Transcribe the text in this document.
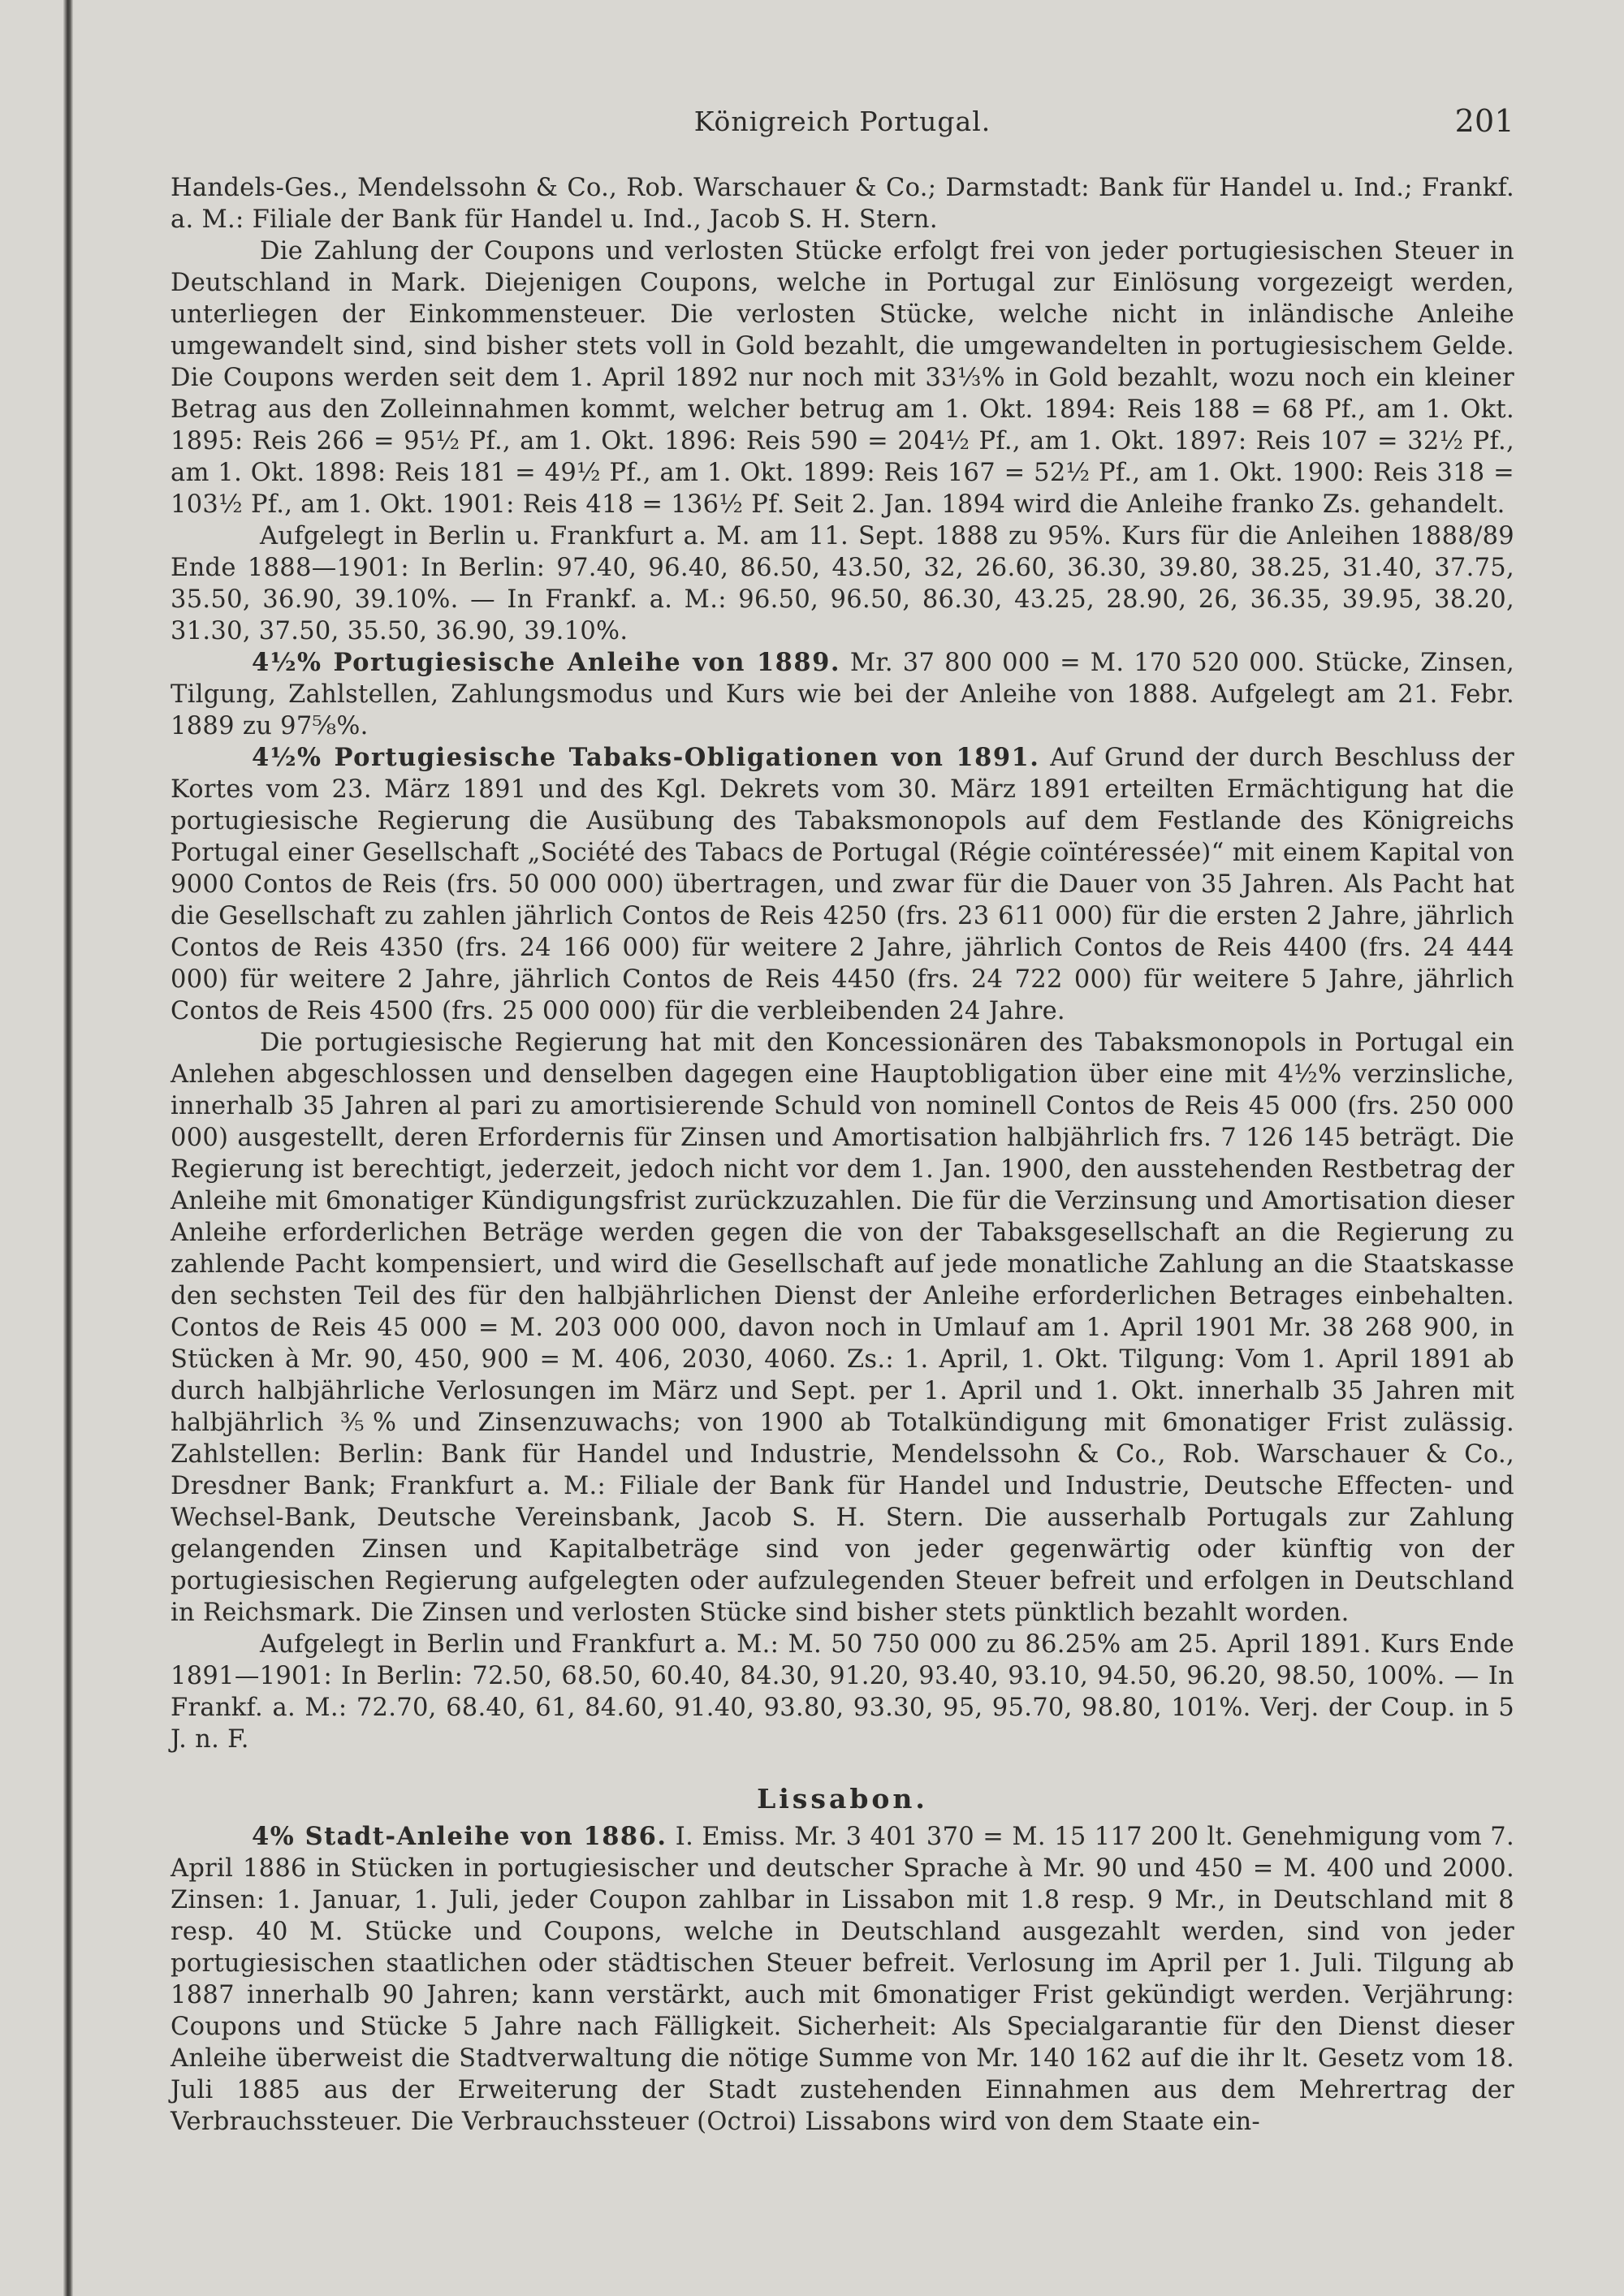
Königreich Portugal.	201

Handels-Ges., Mendelssohn & Co., Rob. Warschauer & Co.; Darmstadt: Bank für Handel u. Ind.; Frankf. a. M.: Filiale der Bank für Handel u. Ind., Jacob S. H. Stern.

Die Zahlung der Coupons und verlosten Stücke erfolgt frei von jeder portugiesischen Steuer in Deutschland in Mark. Diejenigen Coupons, welche in Portugal zur Einlösung vorgezeigt werden, unterliegen der Einkommensteuer. Die verlosten Stücke, welche nicht in inländische Anleihe umgewandelt sind, sind bisher stets voll in Gold bezahlt, die umgewandelten in portugiesischem Gelde. Die Coupons werden seit dem 1. April 1892 nur noch mit 33⅓% in Gold bezahlt, wozu noch ein kleiner Betrag aus den Zolleinnahmen kommt, welcher betrug am 1. Okt. 1894: Reis 188 = 68 Pf., am 1. Okt. 1895: Reis 266 = 95½ Pf., am 1. Okt. 1896: Reis 590 = 204½ Pf., am 1. Okt. 1897: Reis 107 = 32½ Pf., am 1. Okt. 1898: Reis 181 = 49½ Pf., am 1. Okt. 1899: Reis 167 = 52½ Pf., am 1. Okt. 1900: Reis 318 = 103½ Pf., am 1. Okt. 1901: Reis 418 = 136½ Pf. Seit 2. Jan. 1894 wird die Anleihe franko Zs. gehandelt.

Aufgelegt in Berlin u. Frankfurt a. M. am 11. Sept. 1888 zu 95%. Kurs für die Anleihen 1888/89 Ende 1888—1901: In Berlin: 97.40, 96.40, 86.50, 43.50, 32, 26.60, 36.30, 39.80, 38.25, 31.40, 37.75, 35.50, 36.90, 39.10%. — In Frankf. a. M.: 96.50, 96.50, 86.30, 43.25, 28.90, 26, 36.35, 39.95, 38.20, 31.30, 37.50, 35.50, 36.90, 39.10%.

4½% Portugiesische Anleihe von 1889. Mr. 37 800 000 = M. 170 520 000. Stücke, Zinsen, Tilgung, Zahlstellen, Zahlungsmodus und Kurs wie bei der Anleihe von 1888. Aufgelegt am 21. Febr. 1889 zu 97⅝%.

4½% Portugiesische Tabaks-Obligationen von 1891. Auf Grund der durch Beschluss der Kortes vom 23. März 1891 und des Kgl. Dekrets vom 30. März 1891 erteilten Ermächtigung hat die portugiesische Regierung die Ausübung des Tabaksmonopols auf dem Festlande des Königreichs Portugal einer Gesellschaft „Société des Tabacs de Portugal (Régie coïntéressée)“ mit einem Kapital von 9000 Contos de Reis (frs. 50 000 000) übertragen, und zwar für die Dauer von 35 Jahren. Als Pacht hat die Gesellschaft zu zahlen jährlich Contos de Reis 4250 (frs. 23 611 000) für die ersten 2 Jahre, jährlich Contos de Reis 4350 (frs. 24 166 000) für weitere 2 Jahre, jährlich Contos de Reis 4400 (frs. 24 444 000) für weitere 2 Jahre, jährlich Contos de Reis 4450 (frs. 24 722 000) für weitere 5 Jahre, jährlich Contos de Reis 4500 (frs. 25 000 000) für die verbleibenden 24 Jahre.

Die portugiesische Regierung hat mit den Koncessionären des Tabaksmonopols in Portugal ein Anlehen abgeschlossen und denselben dagegen eine Hauptobligation über eine mit 4½% verzinsliche, innerhalb 35 Jahren al pari zu amortisierende Schuld von nominell Contos de Reis 45 000 (frs. 250 000 000) ausgestellt, deren Erfordernis für Zinsen und Amortisation halbjährlich frs. 7 126 145 beträgt. Die Regierung ist berechtigt, jederzeit, jedoch nicht vor dem 1. Jan. 1900, den ausstehenden Restbetrag der Anleihe mit 6monatiger Kündigungsfrist zurückzuzahlen. Die für die Verzinsung und Amortisation dieser Anleihe erforderlichen Beträge werden gegen die von der Tabaksgesellschaft an die Regierung zu zahlende Pacht kompensiert, und wird die Gesellschaft auf jede monatliche Zahlung an die Staatskasse den sechsten Teil des für den halbjährlichen Dienst der Anleihe erforderlichen Betrages einbehalten. Contos de Reis 45 000 = M. 203 000 000, davon noch in Umlauf am 1. April 1901 Mr. 38 268 900, in Stücken à Mr. 90, 450, 900 = M. 406, 2030, 4060. Zs.: 1. April, 1. Okt. Tilgung: Vom 1. April 1891 ab durch halbjährliche Verlosungen im März und Sept. per 1. April und 1. Okt. innerhalb 35 Jahren mit halbjährlich ⅗% und Zinsenzuwachs; von 1900 ab Totalkündigung mit 6monatiger Frist zulässig. Zahlstellen: Berlin: Bank für Handel und Industrie, Mendelssohn & Co., Rob. Warschauer & Co., Dresdner Bank; Frankfurt a. M.: Filiale der Bank für Handel und Industrie, Deutsche Effecten- und Wechsel-Bank, Deutsche Vereinsbank, Jacob S. H. Stern. Die ausserhalb Portugals zur Zahlung gelangenden Zinsen und Kapitalbeträge sind von jeder gegenwärtig oder künftig von der portugiesischen Regierung aufgelegten oder aufzulegenden Steuer befreit und erfolgen in Deutschland in Reichsmark. Die Zinsen und verlosten Stücke sind bisher stets pünktlich bezahlt worden.

Aufgelegt in Berlin und Frankfurt a. M.: M. 50 750 000 zu 86.25% am 25. April 1891. Kurs Ende 1891—1901: In Berlin: 72.50, 68.50, 60.40, 84.30, 91.20, 93.40, 93.10, 94.50, 96.20, 98.50, 100%. — In Frankf. a. M.: 72.70, 68.40, 61, 84.60, 91.40, 93.80, 93.30, 95, 95.70, 98.80, 101%. Verj. der Coup. in 5 J. n. F.

Lissabon.

4% Stadt-Anleihe von 1886. I. Emiss. Mr. 3 401 370 = M. 15 117 200 lt. Genehmigung vom 7. April 1886 in Stücken in portugiesischer und deutscher Sprache à Mr. 90 und 450 = M. 400 und 2000. Zinsen: 1. Januar, 1. Juli, jeder Coupon zahlbar in Lissabon mit 1.8 resp. 9 Mr., in Deutschland mit 8 resp. 40 M. Stücke und Coupons, welche in Deutschland ausgezahlt werden, sind von jeder portugiesischen staatlichen oder städtischen Steuer befreit. Verlosung im April per 1. Juli. Tilgung ab 1887 innerhalb 90 Jahren; kann verstärkt, auch mit 6monatiger Frist gekündigt werden. Verjährung: Coupons und Stücke 5 Jahre nach Fälligkeit. Sicherheit: Als Specialgarantie für den Dienst dieser Anleihe überweist die Stadtverwaltung die nötige Summe von Mr. 140 162 auf die ihr lt. Gesetz vom 18. Juli 1885 aus der Erweiterung der Stadt zustehenden Einnahmen aus dem Mehrertrag der Verbrauchssteuer. Die Verbrauchssteuer (Octroi) Lissabons wird von dem Staate ein-
